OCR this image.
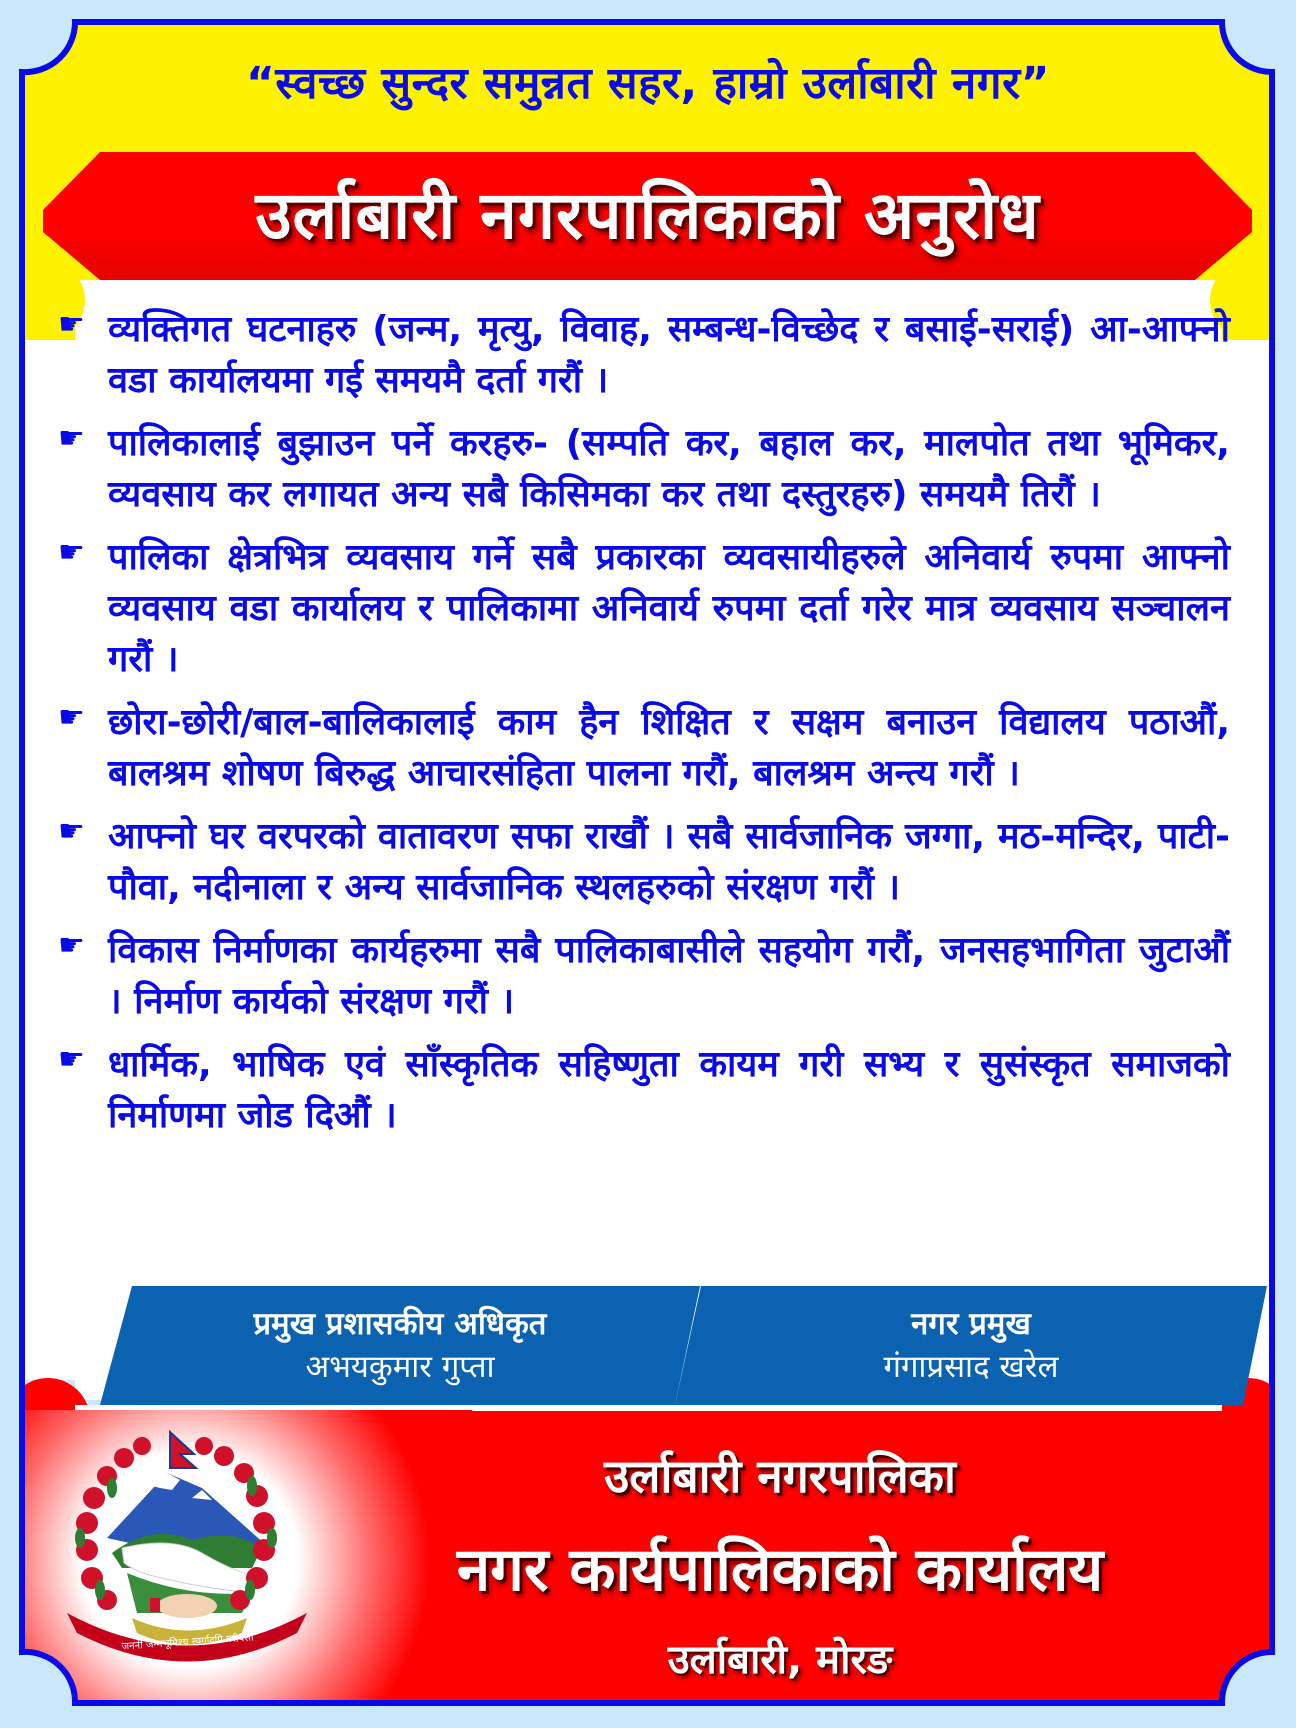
“स्वच्छ सुन्दर समुन्नत सहर, हाम्रो उर्लाबारी नगर”
उर्लाबारी नगरपालिकाको अनुरोध
☛ व्यक्तिगत घटनाहरु (जन्म, मृत्यु, विवाह, सम्बन्ध-विच्छेद र बसाई-सराई) आ-आफ्नो वडा कार्यालयमा गई समयमै दर्ता गरौं ।
☛ पालिकालाई बुझाउन पर्ने करहरु- (सम्पति कर, बहाल कर, मालपोत तथा भूमिकर, व्यवसाय कर लगायत अन्य सबै किसिमका कर तथा दस्तुरहरु) समयमै तिरौं ।
☛ पालिका क्षेत्रभित्र व्यवसाय गर्ने सबै प्रकारका व्यवसायीहरुले अनिवार्य रुपमा आफ्नो व्यवसाय वडा कार्यालय र पालिकामा अनिवार्य रुपमा दर्ता गरेर मात्र व्यवसाय सञ्चालन गरौं ।
☛ छोरा-छोरी/बाल-बालिकालाई काम हैन शिक्षित र सक्षम बनाउन विद्यालय पठाऔं, बालश्रम शोषण बिरुद्ध आचारसंहिता पालना गरौं, बालश्रम अन्त्य गरौं ।
☛ आफ्नो घर वरपरको वातावरण सफा राखौं । सबै सार्वजानिक जग्गा, मठ-मन्दिर, पाटी-पौवा, नदीनाला र अन्य सार्वजानिक स्थलहरुको संरक्षण गरौं ।
☛ विकास निर्माणका कार्यहरुमा सबै पालिकाबासीले सहयोग गरौं, जनसहभागिता जुटाऔं । निर्माण कार्यको संरक्षण गरौं ।
☛ धार्मिक, भाषिक एवं साँस्कृतिक सहिष्णुता कायम गरी सभ्य र सुसंस्कृत समाजको निर्माणमा जोड दिऔं ।
प्रमुख प्रशासकीय अधिकृत
अभयकुमार गुप्ता
नगर प्रमुख
गंगाप्रसाद खरेल
जननी जन्मभूमिश्च स्वर्गादपि गरीयसी
उर्लाबारी नगरपालिका
नगर कार्यपालिकाको कार्यालय
उर्लाबारी, मोरङ
